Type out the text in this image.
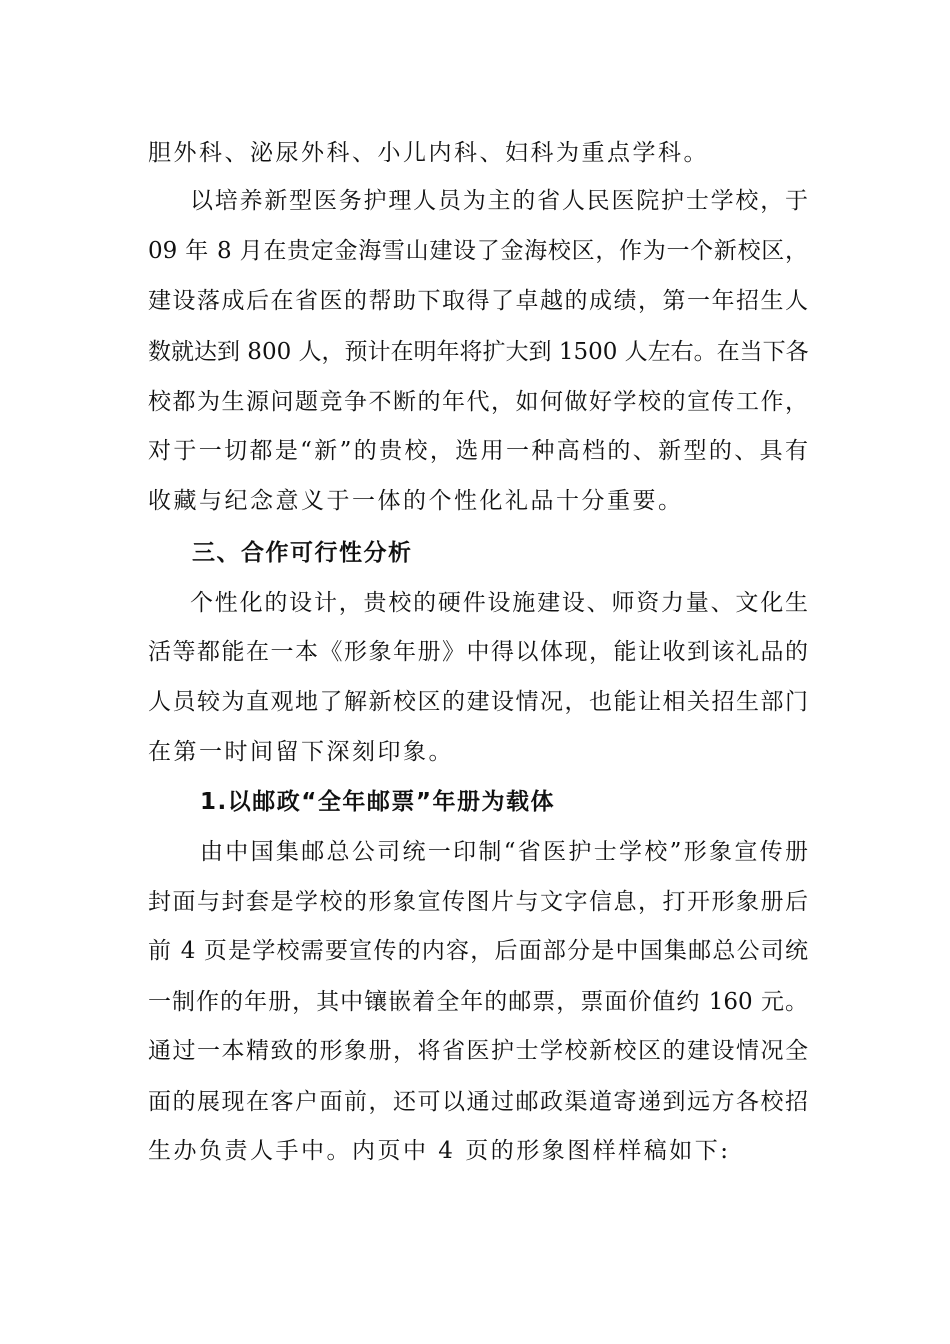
胆外科、泌尿外科、小儿内科、妇科为重点学科。

以培养新型医务护理人员为主的省人民医院护士学校，于

09 年 8 月在贵定金海雪山建设了金海校区，作为一个新校区，

建设落成后在省医的帮助下取得了卓越的成绩，第一年招生人

数就达到 800 人，预计在明年将扩大到 1500 人左右。在当下各

校都为生源问题竞争不断的年代，如何做好学校的宣传工作，

对于一切都是“新”的贵校，选用一种高档的、新型的、具有

收藏与纪念意义于一体的个性化礼品十分重要。

三、合作可行性分析

个性化的设计，贵校的硬件设施建设、师资力量、文化生

活等都能在一本《形象年册》中得以体现，能让收到该礼品的

人员较为直观地了解新校区的建设情况，也能让相关招生部门

在第一时间留下深刻印象。

1.以邮政“全年邮票”年册为载体

由中国集邮总公司统一印制“省医护士学校”形象宣传册

封面与封套是学校的形象宣传图片与文字信息，打开形象册后

前 4 页是学校需要宣传的内容，后面部分是中国集邮总公司统

一制作的年册，其中镶嵌着全年的邮票，票面价值约 160 元。

通过一本精致的形象册，将省医护士学校新校区的建设情况全

面的展现在客户面前，还可以通过邮政渠道寄递到远方各校招

生办负责人手中。内页中 4 页的形象图样样稿如下:
